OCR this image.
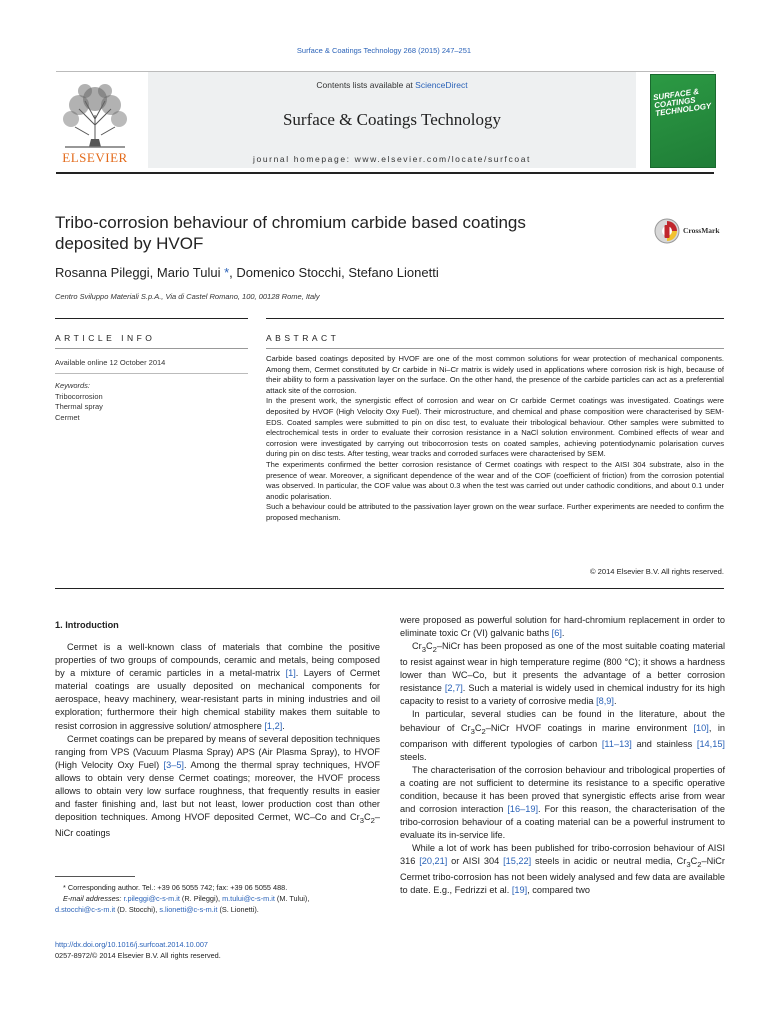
Surface & Coatings Technology 268 (2015) 247–251
Contents lists available at ScienceDirect
Surface & Coatings Technology
journal homepage: www.elsevier.com/locate/surfcoat
ELSEVIER
SURFACE & COATINGS TECHNOLOGY
Tribo-corrosion behaviour of chromium carbide based coatings
deposited by HVOF
CrossMark
Rosanna Pileggi, Mario Tului *, Domenico Stocchi, Stefano Lionetti
Centro Sviluppo Materiali S.p.A., Via di Castel Romano, 100, 00128 Rome, Italy
ARTICLE INFO	ABSTRACT
Available online 12 October 2014
Keywords:
Tribocorrosion
Thermal spray
Cermet

Carbide based coatings deposited by HVOF are one of the most common solutions for wear protection of mechanical components. Among them, Cermet constituted by Cr carbide in Ni–Cr matrix is widely used in applications where corrosion risk is high, because of their ability to form a passivation layer on the surface. On the other hand, the presence of the carbide particles can act as a preferential attack site of the corrosion.

In the present work, the synergistic effect of corrosion and wear on Cr carbide Cermet coatings was investigated. Coatings were deposited by HVOF (High Velocity Oxy Fuel). Their microstructure, and chemical and phase composition were characterised by SEM-EDS. Coated samples were submitted to pin on disc test, to evaluate their tribological behaviour. Other samples were submitted to electrochemical tests in order to evaluate their corrosion resistance in a NaCl solution environment. Combined effects of wear and corrosion were investigated by carrying out tribocorrosion tests on coated samples, achieving potentiodynamic polarisation curves during pin on disc tests. After testing, wear tracks and corroded surfaces were characterised by SEM.

The experiments confirmed the better corrosion resistance of Cermet coatings with respect to the AISI 304 substrate, also in the presence of wear. Moreover, a significant dependence of the wear and of the COF (coefficient of friction) from the corrosion potential was observed. In particular, the COF value was about 0.3 when the test was carried out under cathodic conditions, and about 0.1 under anodic polarisation.

Such a behaviour could be attributed to the passivation layer grown on the wear surface. Further experiments are needed to confirm the proposed mechanism.

© 2014 Elsevier B.V. All rights reserved.
1. Introduction

Cermet is a well-known class of materials that combine the positive properties of two groups of compounds, ceramic and metals, being composed by a mixture of ceramic particles in a metal-matrix [1]. Layers of Cermet material coatings are usually deposited on mechanical components for aerospace, heavy machinery, wear-resistant parts in mining industries and oil exploration; furthermore their high chemical stability makes them suitable to resist corrosion in aggressive solution/ atmosphere [1,2].

Cermet coatings can be prepared by means of several deposition techniques ranging from VPS (Vacuum Plasma Spray) APS (Air Plasma Spray), to HVOF (High Velocity Oxy Fuel) [3–5]. Among the thermal spray techniques, HVOF allows to obtain very dense Cermet coatings; moreover, the HVOF process allows to obtain very low surface roughness, that frequently results in easier and faster finishing and, last but not least, lower production cost than other deposition techniques. Among HVOF deposited Cermet, WC–Co and $Cr_3C_2$–NiCr coatings

were proposed as powerful solution for hard-chromium replacement in order to eliminate toxic Cr (VI) galvanic baths [6].

$Cr_3C_2$–NiCr has been proposed as one of the most suitable coating material to resist against wear in high temperature regime (800 °C); it shows a hardness lower than WC–Co, but it presents the advantage of a better corrosion resistance [2,7]. Such a material is widely used in chemical industry for its high capacity to resist to a variety of corrosive media [8,9].

In particular, several studies can be found in the literature, about the behaviour of $Cr_3C_2$–NiCr HVOF coatings in marine environment [10], in comparison with different typologies of carbon [11–13] and stainless [14,15] steels.

The characterisation of the corrosion behaviour and tribological properties of a coating are not sufficient to determine its resistance to a specific operative condition, because it has been proved that synergistic effects arise from wear and corrosion interaction [16–19]. For this reason, the characterisation of the tribo-corrosion behaviour of a coating material can be a powerful instrument to evaluate its in-service life.

While a lot of work has been published for tribo-corrosion behaviour of AISI 316 [20,21] or AISI 304 [15,22] steels in acidic or neutral media, $Cr_3C_2$–NiCr Cermet tribo-corrosion has not been widely analysed and few data are available to date. E.g., Fedrizzi et al. [19], compared two

* Corresponding author. Tel.: +39 06 5055 742; fax: +39 06 5055 488.
E-mail addresses: r.pileggi@c-s-m.it (R. Pileggi), m.tului@c-s-m.it (M. Tului),
d.stocchi@c-s-m.it (D. Stocchi), s.lionetti@c-s-m.it (S. Lionetti).
http://dx.doi.org/10.1016/j.surfcoat.2014.10.007
0257-8972/© 2014 Elsevier B.V. All rights reserved.
